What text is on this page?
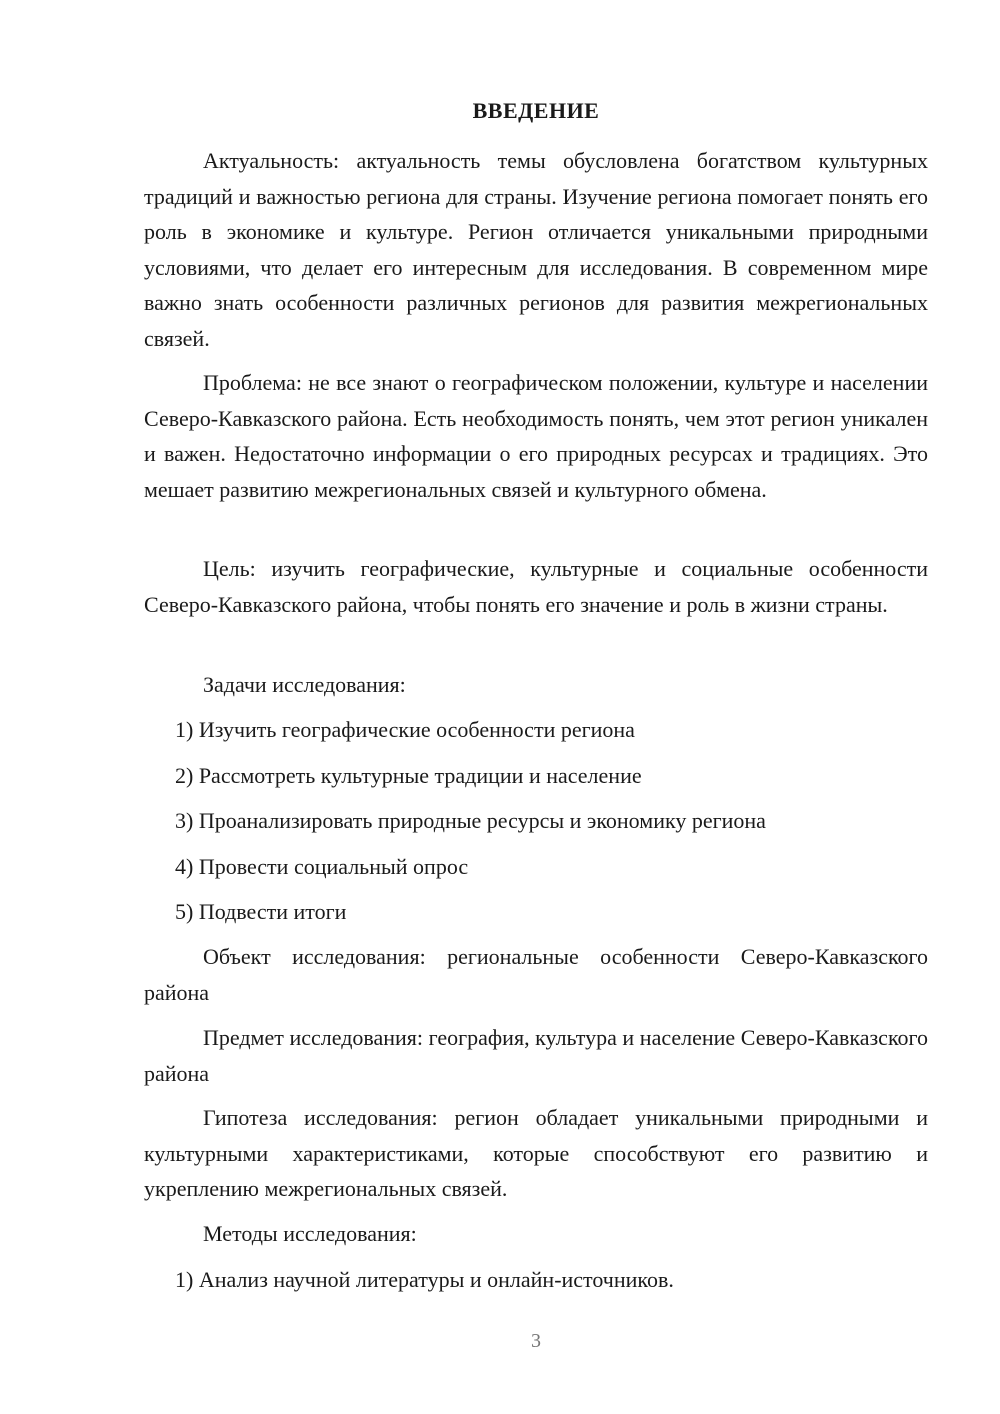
ВВЕДЕНИЕ

Актуальность: актуальность темы обусловлена богатством культурных традиций и важностью региона для страны. Изучение региона помогает понять его роль в экономике и культуре. Регион отличается уникальными природными условиями, что делает его интересным для исследования. В современном мире важно знать особенности различных регионов для развития межрегиональных связей.

Проблема: не все знают о географическом положении, культуре и населении Северо-Кавказского района. Есть необходимость понять, чем этот регион уникален и важен. Недостаточно информации о его природных ресурсах и традициях. Это мешает развитию межрегиональных связей и культурного обмена.

Цель: изучить географические, культурные и социальные особенности Северо-Кавказского района, чтобы понять его значение и роль в жизни страны.

Задачи исследования:

1) Изучить географические особенности региона

2) Рассмотреть культурные традиции и население

3) Проанализировать природные ресурсы и экономику региона

4) Провести социальный опрос

5) Подвести итоги

Объект исследования: региональные особенности Северо-Кавказского района

Предмет исследования: география, культура и население Северо-Кавказского района

Гипотеза исследования: регион обладает уникальными природными и культурными характеристиками, которые способствуют его развитию и укреплению межрегиональных связей.

Методы исследования:

1) Анализ научной литературы и онлайн-источников.

3
